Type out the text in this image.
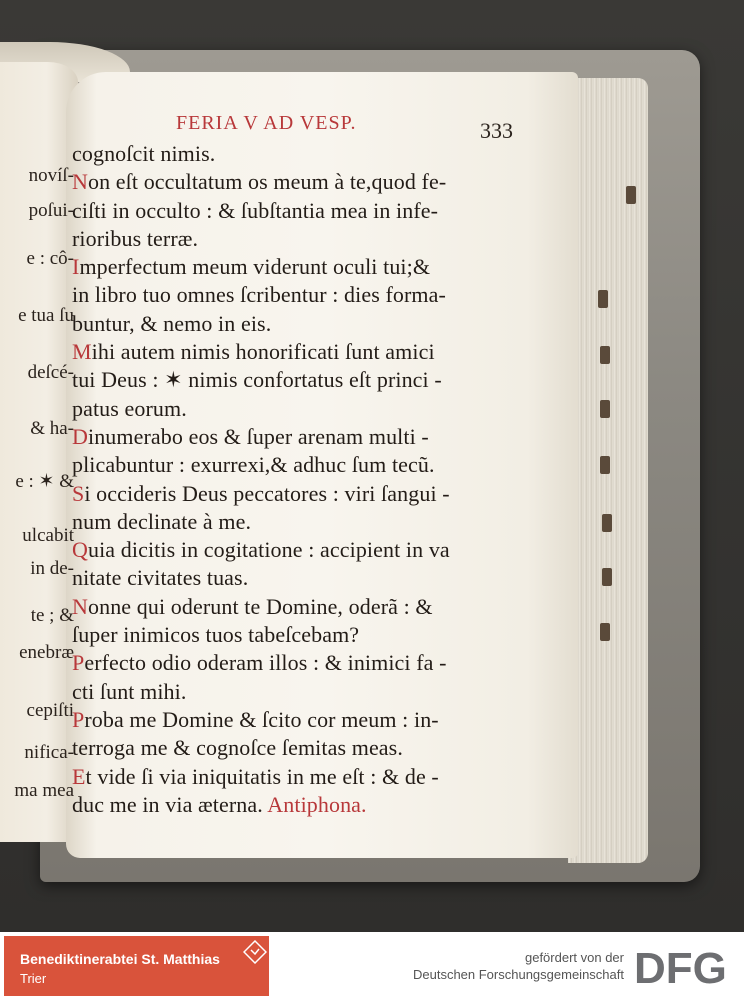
novíſ-
poſui-
e : cô-
e tua ſu
deſcé-
& ha-
e : ✶ &
ulcabit
in de-
te ; &
enebræ
cepiſti
nifica-
ma mea
FERIA V AD VESP.	333
cognoſcit nimis.
Non eſt occultatum os meum à te,quod fe-
ciſti in occulto : & ſubſtantia mea in infe-
rioribus terræ.
Imperfectum meum viderunt oculi tui;&
in libro tuo omnes ſcribentur : dies forma-
buntur, & nemo in eis.
Mihi autem nimis honorificati ſunt amici
tui Deus : ✶ nimis confortatus eſt princi -
patus eorum.
Dinumerabo eos & ſuper arenam multi -
plicabuntur : exurrexi,& adhuc ſum tecũ.
Si occideris Deus peccatores : viri ſangui -
num declinate à me.
Quia dicitis in cogitatione : accipient in va
nitate civitates tuas.
Nonne qui oderunt te Domine, oderã : &
ſuper inimicos tuos tabeſcebam?
Perfecto odio oderam illos : & inimici fa -
cti ſunt mihi.
Proba me Domine & ſcito cor meum : in-
terroga me & cognoſce ſemitas meas.
Et vide ſi via iniquitatis in me eſt : & de -
duc me in via æterna. Antiphona.
Benediktinerabtei St. Matthias
Trier
gefördert von der
Deutschen Forschungsgemeinschaft DFG
